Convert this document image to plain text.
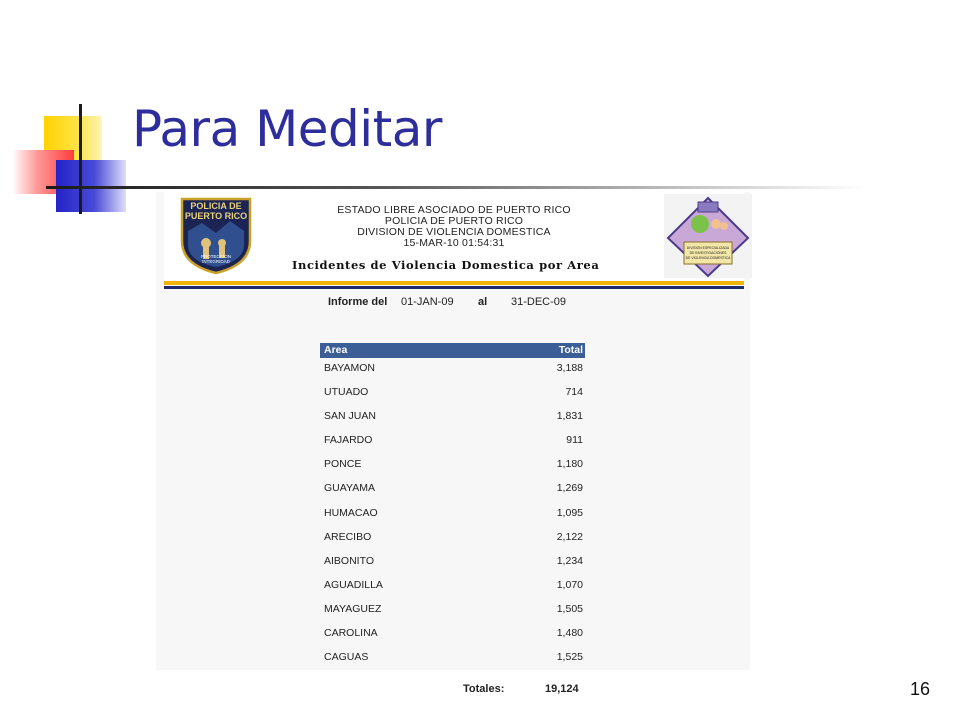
Para Meditar
POLICIA DE
PUERTO RICO
PROTECCION
INTEGRIDAD
ESTADO LIBRE ASOCIADO DE PUERTO RICO
POLICIA DE PUERTO RICO
DIVISION DE VIOLENCIA DOMESTICA
15-MAR-10 01:54:31
Incidentes de Violencia Domestica por Area
DIVISION ESPECIALIZADA
DE INVESTIGACIONES
DE VIOLENCIA DOMESTICA
Informe del 01-JAN-09 al 31-DEC-09
Area	Total
BAYAMON	3,188
UTUADO	714
SAN JUAN	1,831
FAJARDO	911
PONCE	1,180
GUAYAMA	1,269
HUMACAO	1,095
ARECIBO	2,122
AIBONITO	1,234
AGUADILLA	1,070
MAYAGUEZ	1,505
CAROLINA	1,480
CAGUAS	1,525
Totales:	19,124	16
